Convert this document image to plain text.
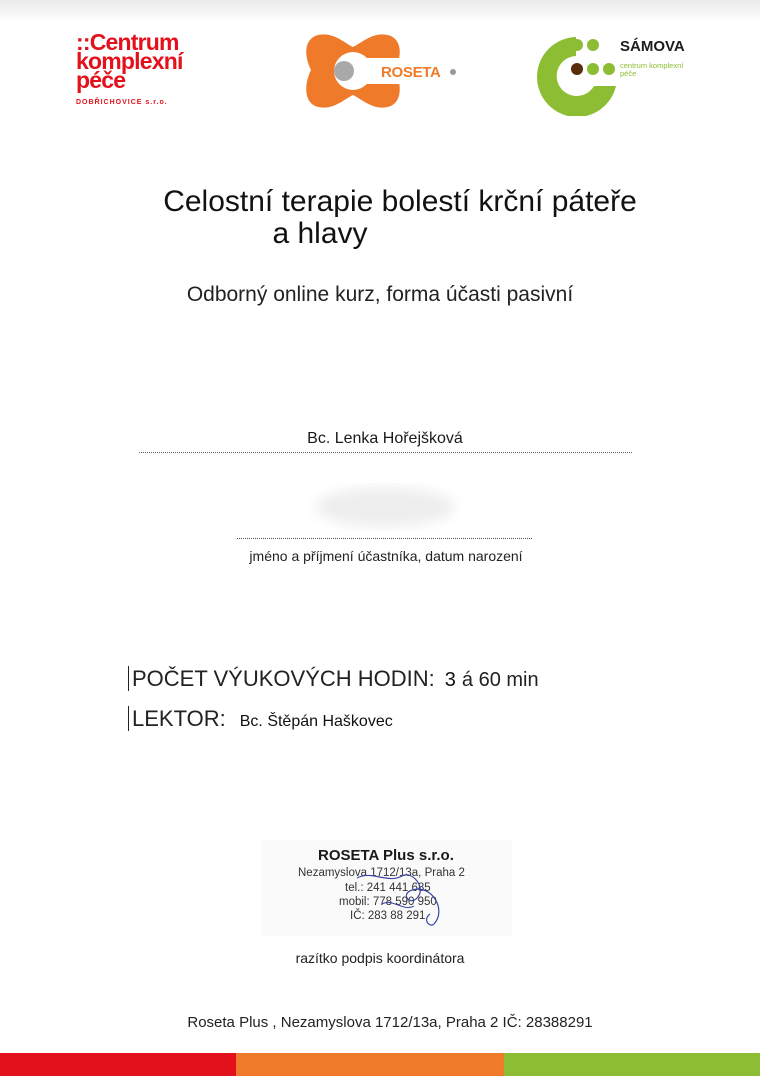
::Centrum
komplexní
péče
DOBŘICHOVICE s.r.o.
ROSETA
SÁMOVA
centrum komplexní péče
Celostní terapie bolestí krční páteře
a hlavy
Odborný online kurz, forma účasti pasivní
Bc. Lenka Hořejšková
jméno a příjmení účastníka, datum narození
POČET VÝUKOVÝCH HODIN: 3 á 60 min
LEKTOR: Bc. Štěpán Haškovec
ROSETA Plus s.r.o.
Nezamyslova 1712/13a, Praha 2
tel.: 241 441 685
mobil: 778 590 950
IČ: 283 88 291
razítko podpis koordinátora
Roseta Plus , Nezamyslova 1712/13a, Praha 2 IČ: 28388291
